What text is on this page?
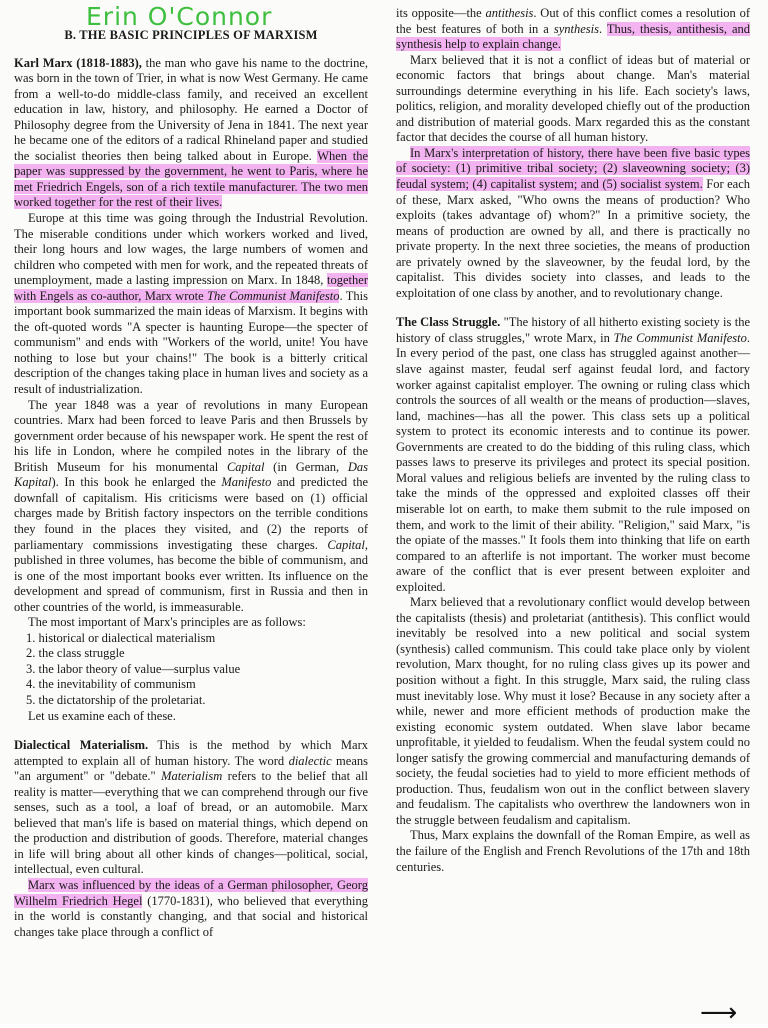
Erin O'Connor

B. THE BASIC PRINCIPLES OF MARXISM

Karl Marx (1818-1883), the man who gave his name to the doctrine, was born in the town of Trier, in what is now West Germany. He came from a well-to-do middle-class family, and received an excellent education in law, history, and philosophy. He earned a Doctor of Philosophy degree from the University of Jena in 1841. The next year he became one of the editors of a radical Rhineland paper and studied the socialist theories then being talked about in Europe. When the paper was suppressed by the government, he went to Paris, where he met Friedrich Engels, son of a rich textile manufacturer. The two men worked together for the rest of their lives.

Europe at this time was going through the Industrial Revolution. The miserable conditions under which workers worked and lived, their long hours and low wages, the large numbers of women and children who competed with men for work, and the repeated threats of unemployment, made a lasting impression on Marx. In 1848, together with Engels as co-author, Marx wrote The Communist Manifesto. This important book summarized the main ideas of Marxism. It begins with the oft-quoted words "A specter is haunting Europe—the specter of communism" and ends with "Workers of the world, unite! You have nothing to lose but your chains!" The book is a bitterly critical description of the changes taking place in human lives and society as a result of industrialization.

The year 1848 was a year of revolutions in many European countries. Marx had been forced to leave Paris and then Brussels by government order because of his newspaper work. He spent the rest of his life in London, where he compiled notes in the library of the British Museum for his monumental Capital (in German, Das Kapital). In this book he enlarged the Manifesto and predicted the downfall of capitalism. His criticisms were based on (1) official charges made by British factory inspectors on the terrible conditions they found in the places they visited, and (2) the reports of parliamentary commissions investigating these charges. Capital, published in three volumes, has become the bible of communism, and is one of the most important books ever written. Its influence on the development and spread of communism, first in Russia and then in other countries of the world, is immeasurable.

The most important of Marx's principles are as follows:

1. historical or dialectical materialism
2. the class struggle
3. the labor theory of value—surplus value
4. the inevitability of communism
5. the dictatorship of the proletariat.

Let us examine each of these.

Dialectical Materialism. This is the method by which Marx attempted to explain all of human history. The word dialectic means "an argument" or "debate." Materialism refers to the belief that all reality is matter—everything that we can comprehend through our five senses, such as a tool, a loaf of bread, or an automobile. Marx believed that man's life is based on material things, which depend on the production and distribution of goods. Therefore, material changes in life will bring about all other kinds of changes—political, social, intellectual, even cultural.

Marx was influenced by the ideas of a German philosopher, Georg Wilhelm Friedrich Hegel (1770-1831), who believed that everything in the world is constantly changing, and that social and historical changes take place through a conflict of

its opposite—the antithesis. Out of this conflict comes a resolution of the best features of both in a synthesis. Thus, thesis, antithesis, and synthesis help to explain change.

Marx believed that it is not a conflict of ideas but of material or economic factors that brings about change. Man's material surroundings determine everything in his life. Each society's laws, politics, religion, and morality developed chiefly out of the production and distribution of material goods. Marx regarded this as the constant factor that decides the course of all human history.

In Marx's interpretation of history, there have been five basic types of society: (1) primitive tribal society; (2) slaveowning society; (3) feudal system; (4) capitalist system; and (5) socialist system. For each of these, Marx asked, "Who owns the means of production? Who exploits (takes advantage of) whom?" In a primitive society, the means of production are owned by all, and there is practically no private property. In the next three societies, the means of production are privately owned by the slaveowner, by the feudal lord, by the capitalist. This divides society into classes, and leads to the exploitation of one class by another, and to revolutionary change.

The Class Struggle. "The history of all hitherto existing society is the history of class struggles," wrote Marx, in The Communist Manifesto. In every period of the past, one class has struggled against another—slave against master, feudal serf against feudal lord, and factory worker against capitalist employer. The owning or ruling class which controls the sources of all wealth or the means of production—slaves, land, machines—has all the power. This class sets up a political system to protect its economic interests and to continue its power. Governments are created to do the bidding of this ruling class, which passes laws to preserve its privileges and protect its special position. Moral values and religious beliefs are invented by the ruling class to take the minds of the oppressed and exploited classes off their miserable lot on earth, to make them submit to the rule imposed on them, and work to the limit of their ability. "Religion," said Marx, "is the opiate of the masses." It fools them into thinking that life on earth compared to an afterlife is not important. The worker must become aware of the conflict that is ever present between exploiter and exploited.

Marx believed that a revolutionary conflict would develop between the capitalists (thesis) and proletariat (antithesis). This conflict would inevitably be resolved into a new political and social system (synthesis) called communism. This could take place only by violent revolution, Marx thought, for no ruling class gives up its power and position without a fight. In this struggle, Marx said, the ruling class must inevitably lose. Why must it lose? Because in any society after a while, newer and more efficient methods of production make the existing economic system outdated. When slave labor became unprofitable, it yielded to feudalism. When the feudal system could no longer satisfy the growing commercial and manufacturing demands of society, the feudal societies had to yield to more efficient methods of production. Thus, feudalism won out in the conflict between slavery and feudalism. The capitalists who overthrew the landowners won in the struggle between feudalism and capitalism.

Thus, Marx explains the downfall of the Roman Empire, as well as the failure of the English and French Revolutions of the 17th and 18th centuries.

⟶
